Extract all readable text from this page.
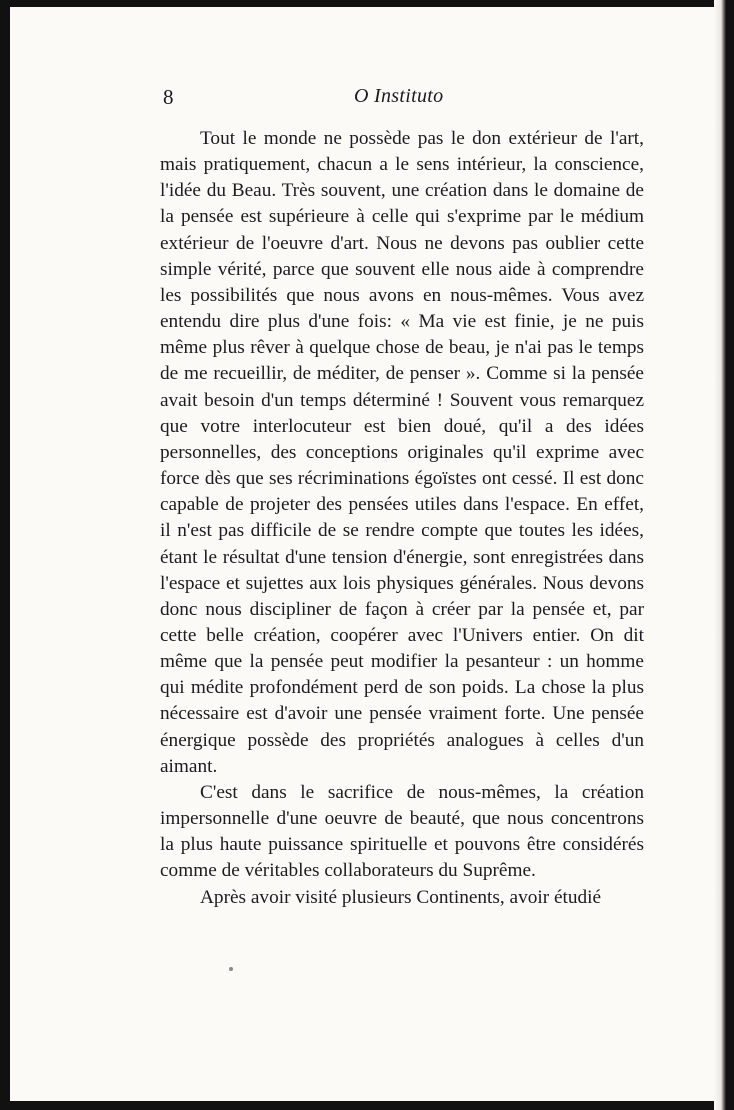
8	O Instituto

Tout le monde ne possède pas le don extérieur de l'art, mais pratiquement, chacun a le sens intérieur, la conscience, l'idée du Beau. Très souvent, une création dans le domaine de la pensée est supérieure à celle qui s'exprime par le médium extérieur de l'oeuvre d'art. Nous ne devons pas oublier cette simple vérité, parce que souvent elle nous aide à comprendre les possibilités que nous avons en nous-mêmes. Vous avez entendu dire plus d'une fois: « Ma vie est finie, je ne puis même plus rêver à quelque chose de beau, je n'ai pas le temps de me recueillir, de méditer, de penser ». Comme si la pensée avait besoin d'un temps déterminé ! Souvent vous remarquez que votre interlocuteur est bien doué, qu'il a des idées personnelles, des conceptions originales qu'il exprime avec force dès que ses récriminations égoïstes ont cessé. Il est donc capable de projeter des pensées utiles dans l'espace. En effet, il n'est pas difficile de se rendre compte que toutes les idées, étant le résultat d'une tension d'énergie, sont enregistrées dans l'espace et sujettes aux lois physiques générales. Nous devons donc nous discipliner de façon à créer par la pensée et, par cette belle création, coopérer avec l'Univers entier. On dit même que la pensée peut modifier la pesanteur : un homme qui médite profondément perd de son poids. La chose la plus nécessaire est d'avoir une pensée vraiment forte. Une pensée énergique possède des propriétés analogues à celles d'un aimant.

C'est dans le sacrifice de nous-mêmes, la création impersonnelle d'une oeuvre de beauté, que nous concentrons la plus haute puissance spirituelle et pouvons être considérés comme de véritables collaborateurs du Suprême.

Après avoir visité plusieurs Continents, avoir étudié
